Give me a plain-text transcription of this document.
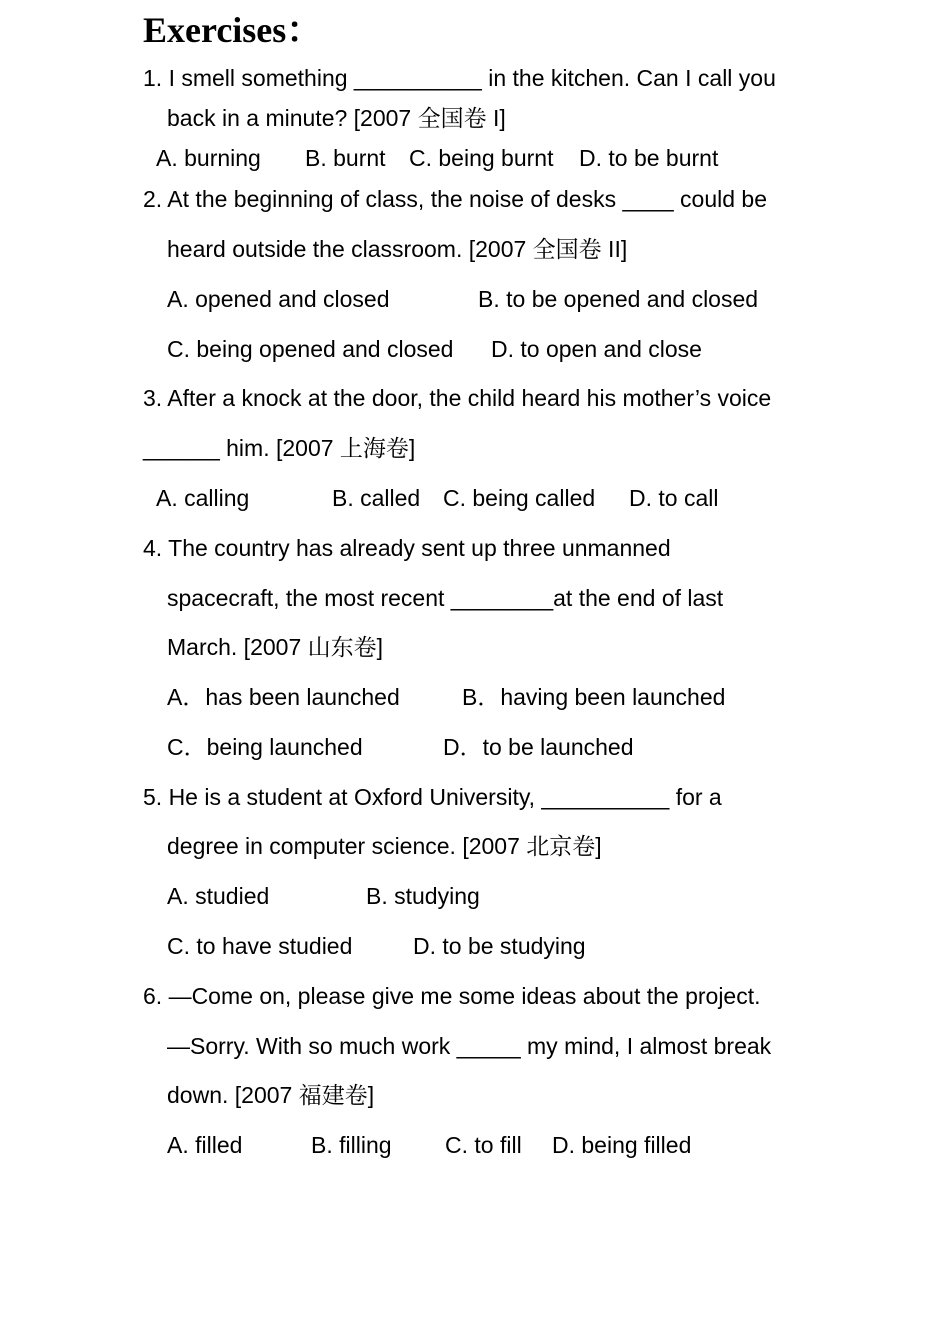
Exercises：
1. I smell something __________ in the kitchen. Can I call you
back in a minute? [2007 全国卷 I]
A. burning B. burnt C. being burnt D. to be burnt
2. At the beginning of class, the noise of desks ____ could be
heard outside the classroom. [2007 全国卷 II]
A. opened and closed	B. to be opened and closed
C. being opened and closed D. to open and close
3. After a knock at the door, the child heard his mother’s voice
______ him. [2007 上海卷]
A. calling	B. called C. being called D. to call
4. The country has already sent up three unmanned
spacecraft, the most recent ________at the end of last
March. [2007 山东卷]
A．has been launched	B．having been launched
C．being launched	D．to be launched
5. He is a student at Oxford University, __________ for a
degree in computer science. [2007 北京卷]
A. studied	B. studying
C. to have studied	D. to be studying
6. —Come on, please give me some ideas about the project.
—Sorry. With so much work _____ my mind, I almost break
down. [2007 福建卷]
A. filled	B. filling C. to fill D. being filled
